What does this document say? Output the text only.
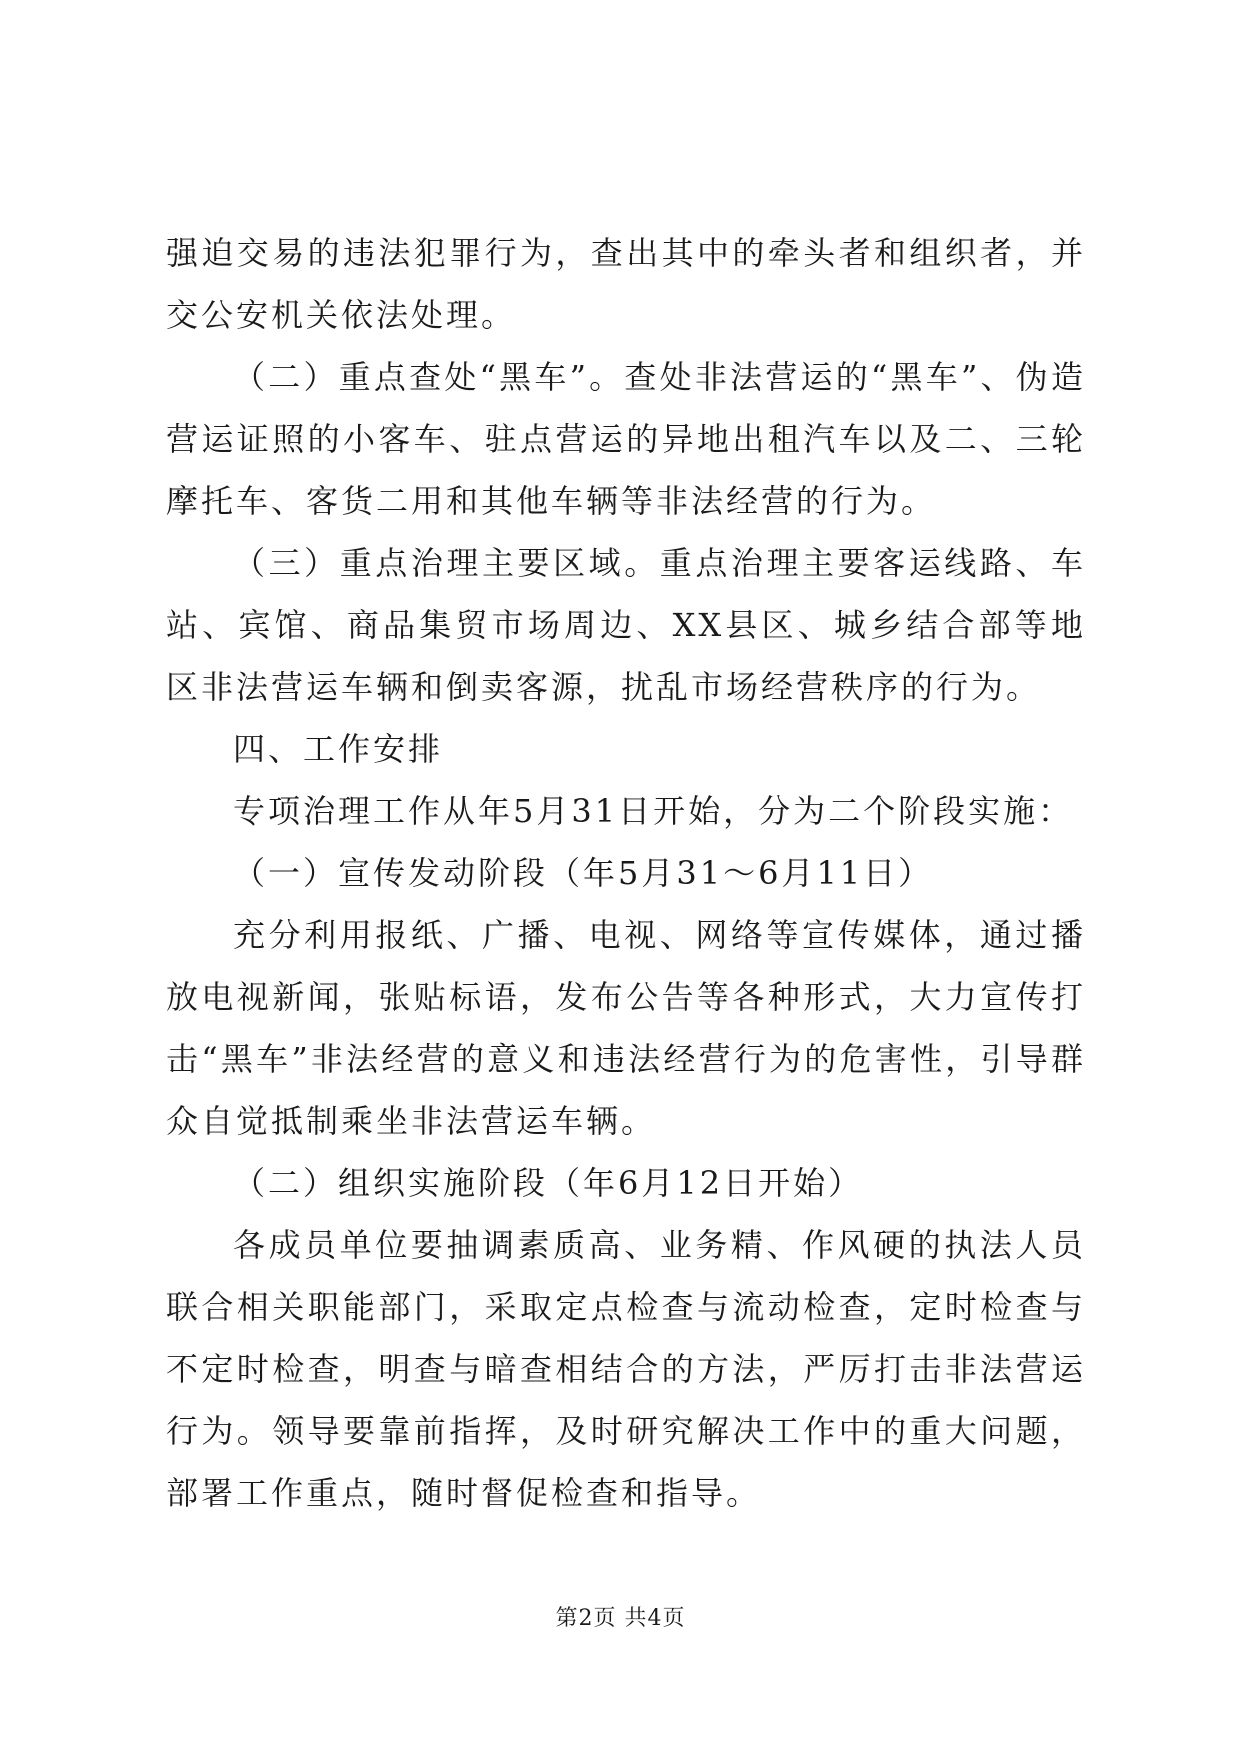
强迫交易的违法犯罪行为，查出其中的牵头者和组织者，并交公安机关依法处理。

（二）重点查处“黑车”。查处非法营运的“黑车”、伪造营运证照的小客车、驻点营运的异地出租汽车以及二、三轮摩托车、客货二用和其他车辆等非法经营的行为。

（三）重点治理主要区域。重点治理主要客运线路、车站、宾馆、商品集贸市场周边、XX县区、城乡结合部等地区非法营运车辆和倒卖客源，扰乱市场经营秩序的行为。

四、工作安排

专项治理工作从年5月31日开始，分为二个阶段实施：

（一）宣传发动阶段（年5月31～6月11日）

充分利用报纸、广播、电视、网络等宣传媒体，通过播放电视新闻，张贴标语，发布公告等各种形式，大力宣传打击“黑车”非法经营的意义和违法经营行为的危害性，引导群众自觉抵制乘坐非法营运车辆。

（二）组织实施阶段（年6月12日开始）

各成员单位要抽调素质高、业务精、作风硬的执法人员联合相关职能部门，采取定点检查与流动检查，定时检查与不定时检查，明查与暗查相结合的方法，严厉打击非法营运行为。领导要靠前指挥，及时研究解决工作中的重大问题，部署工作重点，随时督促检查和指导。

第2页 共4页
